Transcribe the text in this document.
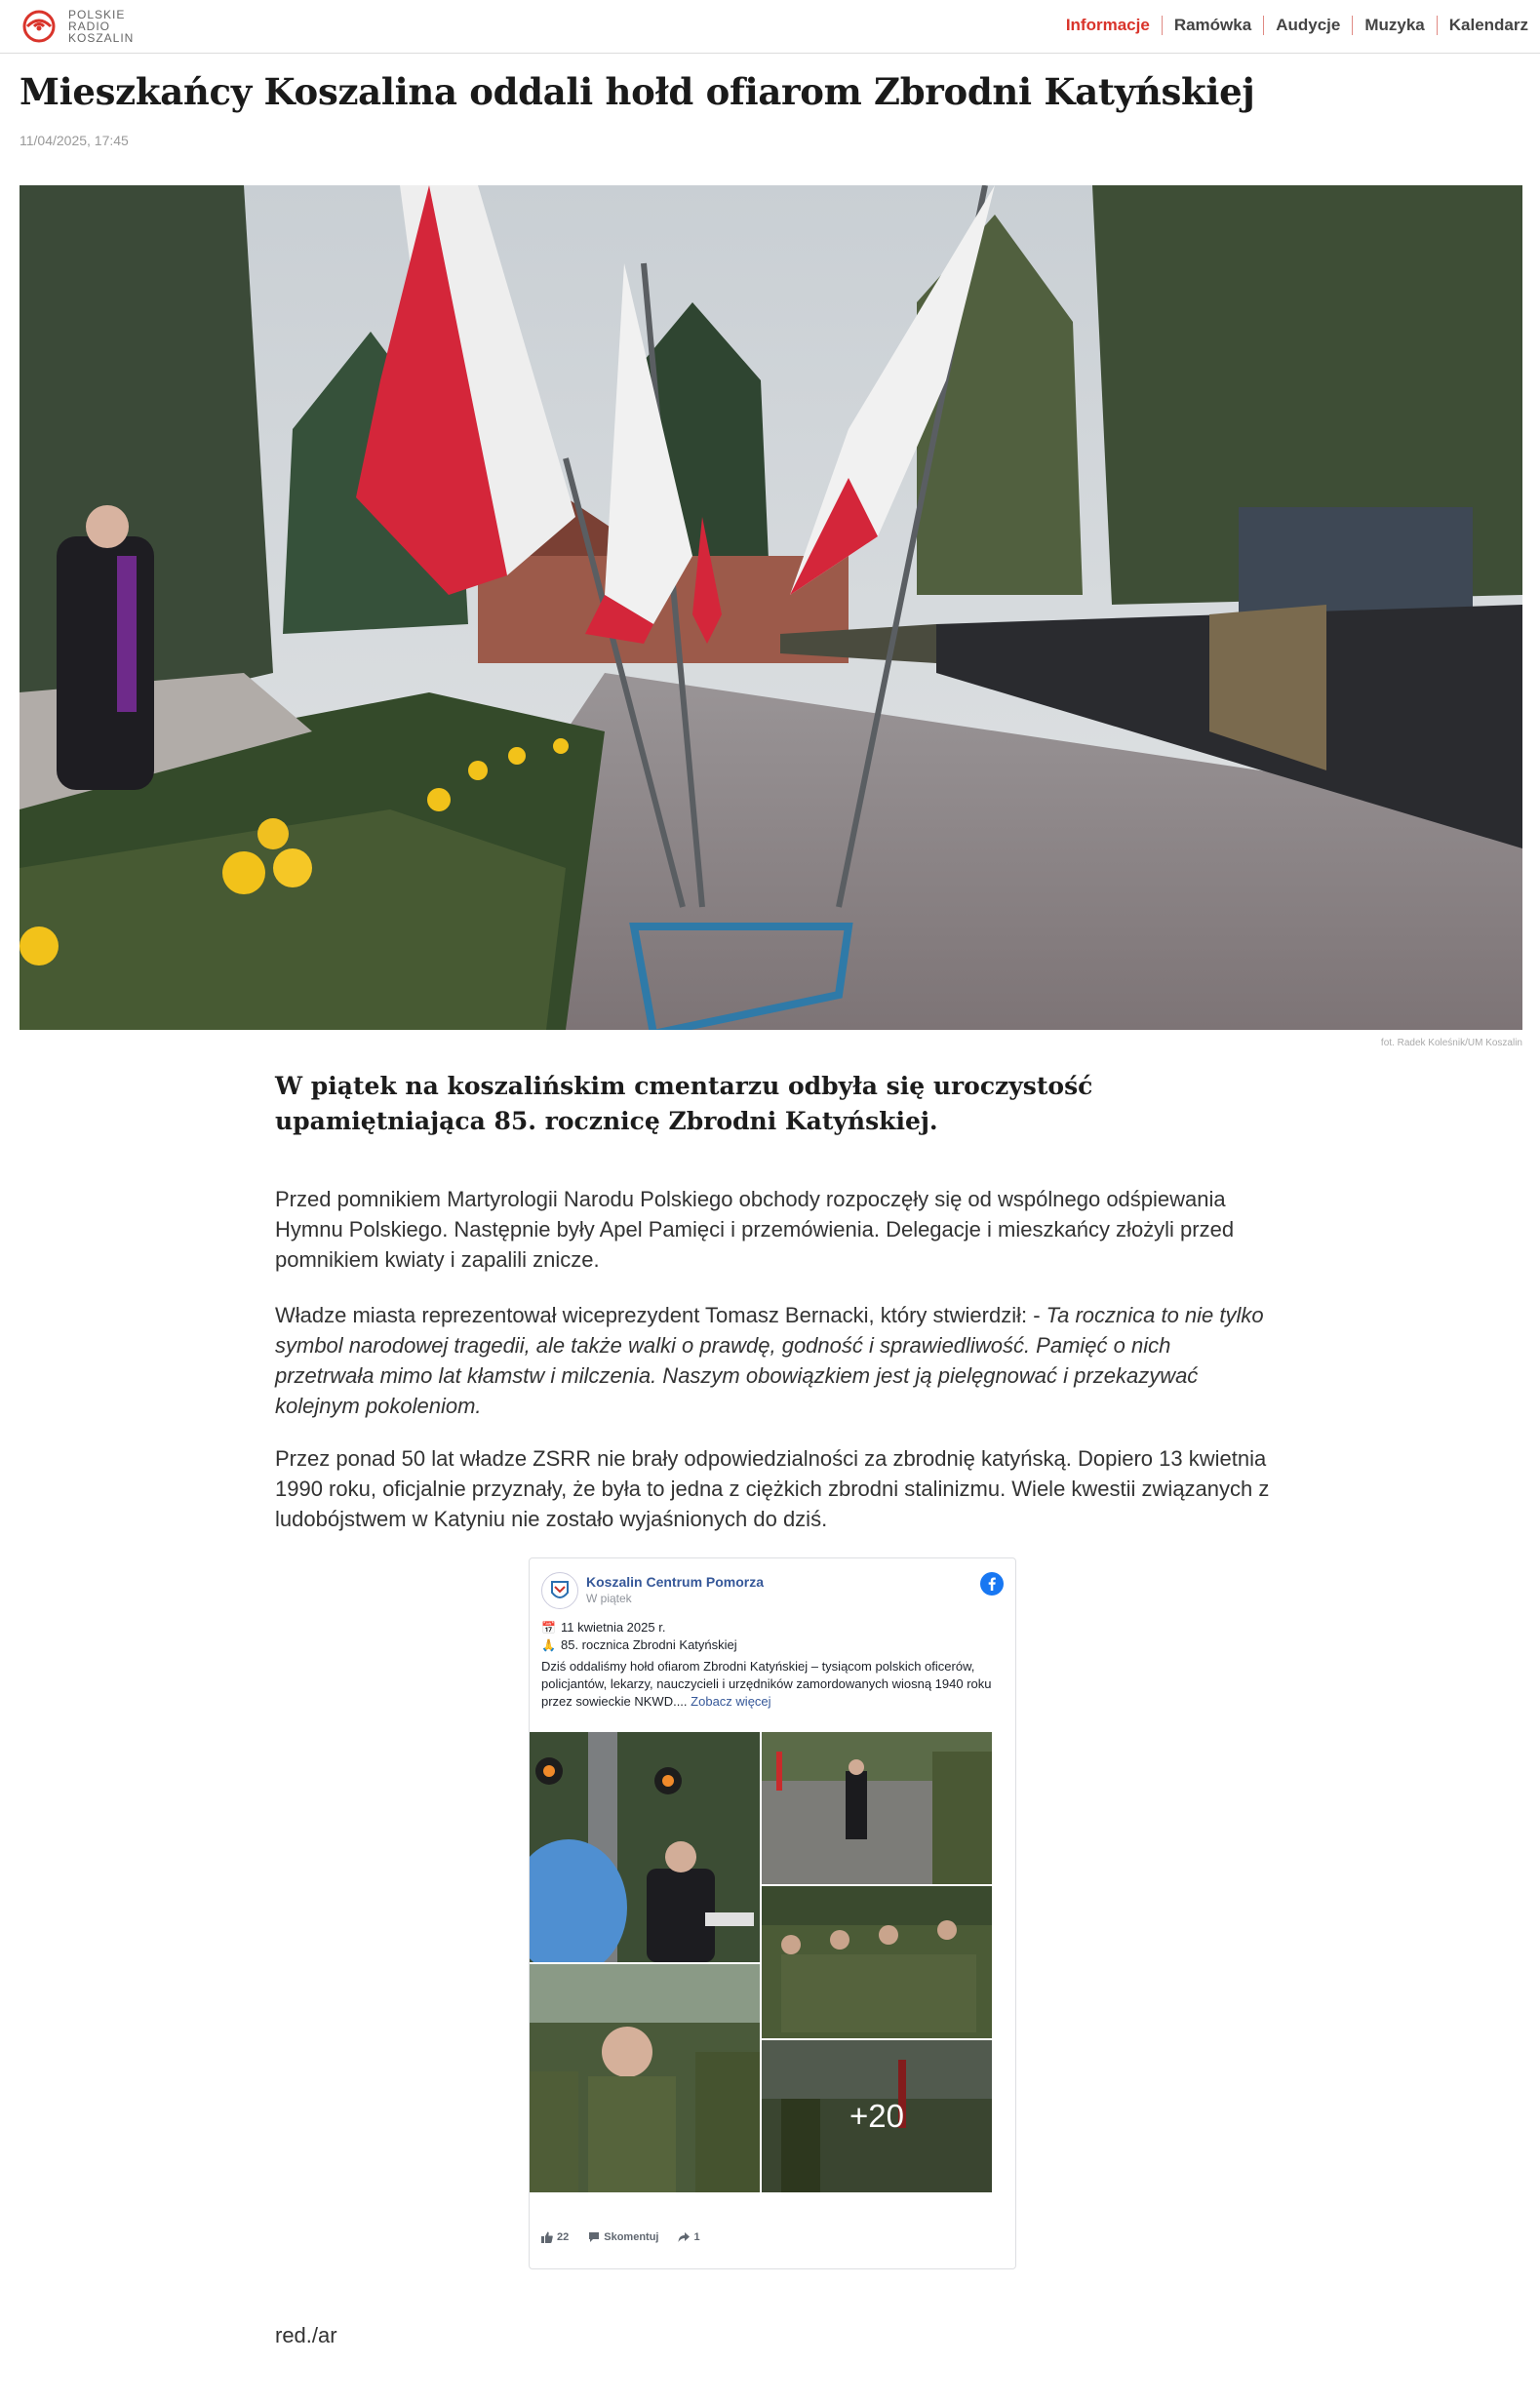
POLSKIE
RADIO
KOSZALIN
Informacje	Ramówka	Audycje	Muzyka	Kalendarz
Mieszkańcy Koszalina oddali hołd ofiarom Zbrodni Katyńskiej
11/04/2025, 17:45
fot. Radek Koleśnik/UM Koszalin
W piątek na koszalińskim cmentarzu odbyła się uroczystość upamiętniająca 85. rocznicę Zbrodni Katyńskiej.
Przed pomnikiem Martyrologii Narodu Polskiego obchody rozpoczęły się od wspólnego odśpiewania Hymnu Polskiego. Następnie były Apel Pamięci i przemówienia. Delegacje i mieszkańcy złożyli przed pomnikiem kwiaty i zapalili znicze.
Władze miasta reprezentował wiceprezydent Tomasz Bernacki, który stwierdził: - Ta rocznica to nie tylko symbol narodowej tragedii, ale także walki o prawdę, godność i sprawiedliwość. Pamięć o nich przetrwała mimo lat kłamstw i milczenia. Naszym obowiązkiem jest ją pielęgnować i przekazywać kolejnym pokoleniom.
Przez ponad 50 lat władze ZSRR nie brały odpowiedzialności za zbrodnię katyńską. Dopiero 13 kwietnia 1990 roku, oficjalnie przyznały, że była to jedna z ciężkich zbrodni stalinizmu. Wiele kwestii związanych z ludobójstwem w Katyniu nie zostało wyjaśnionych do dziś.
Koszalin Centrum Pomorza
W piątek
📅 11 kwietnia 2025 r.
🙏 85. rocznica Zbrodni Katyńskiej
Dziś oddaliśmy hołd ofiarom Zbrodni Katyńskiej – tysiącom polskich oficerów, policjantów, lekarzy, nauczycieli i urzędników zamordowanych wiosną 1940 roku przez sowieckie NKWD.... Zobacz więcej
+20
22	Skomentuj	1
red./ar
